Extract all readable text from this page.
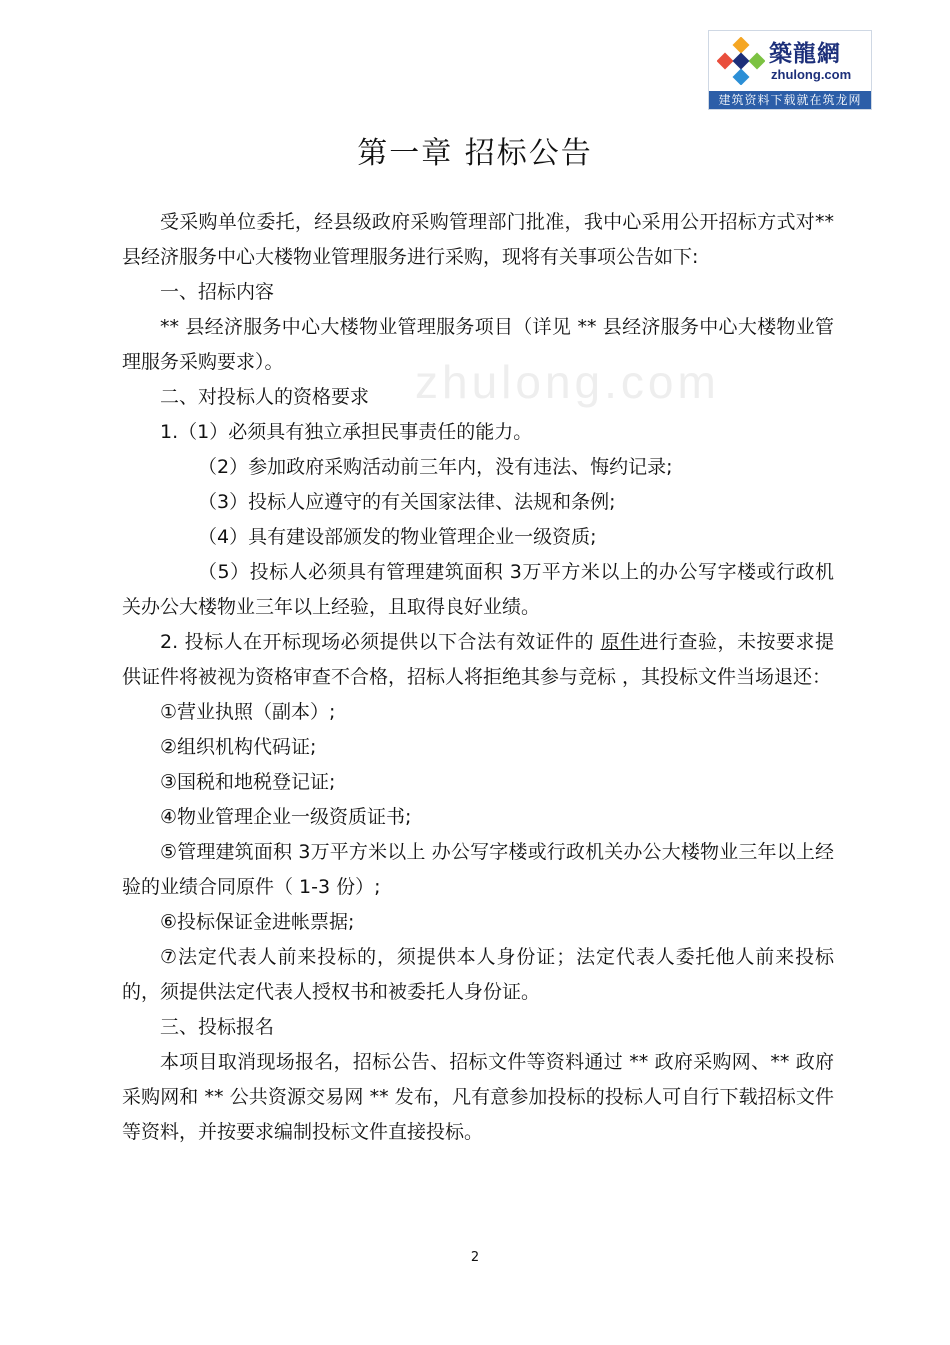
築龍網
zhulong.com
建筑资料下载就在筑龙网
zhulong.com
第一章 招标公告

受采购单位委托，经县级政府采购管理部门批准，我中心采用公开招标方式对** 县经济服务中心大楼物业管理服务进行采购，现将有关事项公告如下:

一、招标内容

** 县经济服务中心大楼物业管理服务项目（详见 ** 县经济服务中心大楼物业管理服务采购要求）。

二、对投标人的资格要求

1.（1）必须具有独立承担民事责任的能力。

（2）参加政府采购活动前三年内，没有违法、悔约记录;

（3）投标人应遵守的有关国家法律、法规和条例;

（4）具有建设部颁发的物业管理企业一级资质;

（5）投标人必须具有管理建筑面积 3万平方米以上的办公写字楼或行政机关办公大楼物业三年以上经验，且取得良好业绩。

2. 投标人在开标现场必须提供以下合法有效证件的 原件进行查验，未按要求提供证件将被视为资格审查不合格，招标人将拒绝其参与竞标 ，其投标文件当场退还：

①营业执照（副本）;

②组织机构代码证;

③国税和地税登记证;

④物业管理企业一级资质证书;

⑤管理建筑面积 3万平方米以上 办公写字楼或行政机关办公大楼物业三年以上经验的业绩合同原件（ 1-3 份）;

⑥投标保证金进帐票据;

⑦法定代表人前来投标的，须提供本人身份证；法定代表人委托他人前来投标的，须提供法定代表人授权书和被委托人身份证。

三、投标报名

本项目取消现场报名，招标公告、招标文件等资料通过 ** 政府采购网、** 政府采购网和 ** 公共资源交易网 ** 发布，凡有意参加投标的投标人可自行下载招标文件等资料，并按要求编制投标文件直接投标。

2
